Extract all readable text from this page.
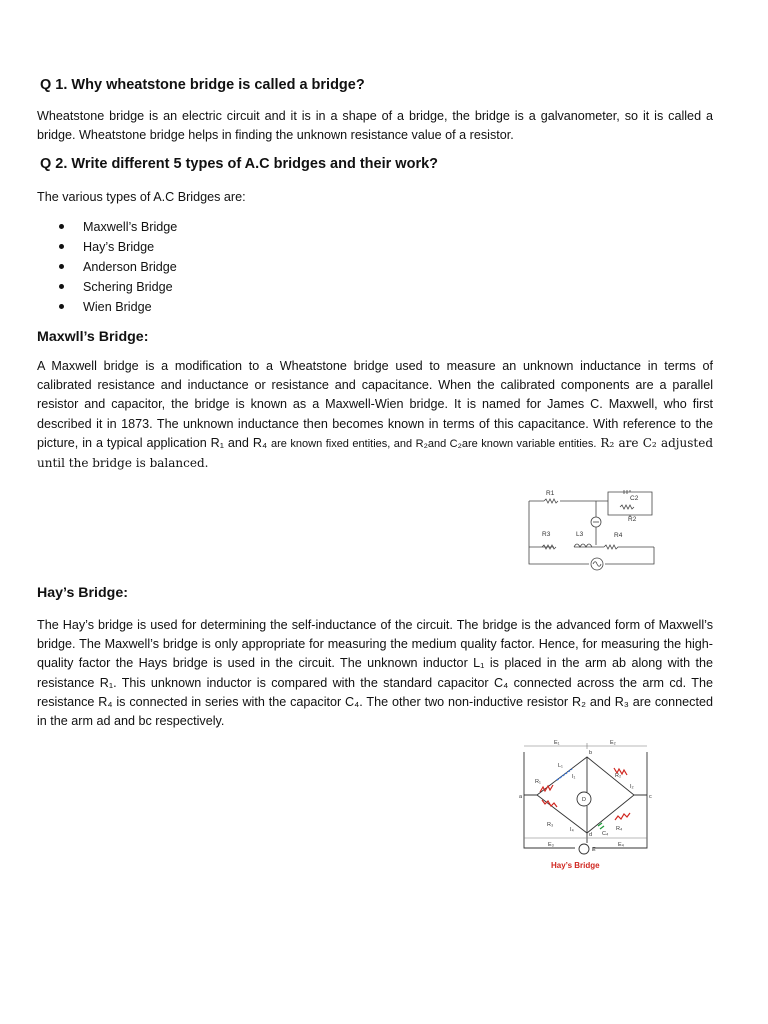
Q 1. Why wheatstone bridge is called a bridge?

Wheatstone bridge is an electric circuit and it is in a shape of a bridge, the bridge is a galvanometer, so it is called a bridge. Wheatstone bridge helps in finding the unknown resistance value of a resistor.

Q 2. Write different 5 types of A.C bridges and their work?

The various types of A.C Bridges are:

Maxwell’s Bridge
Hay’s Bridge
Anderson Bridge
Schering Bridge
Wien Bridge
Maxwll’s Bridge:

A Maxwell bridge is a modification to a Wheatstone bridge used to measure an unknown inductance in terms of calibrated resistance and inductance or resistance and capacitance. When the calibrated components are a parallel resistor and capacitor, the bridge is known as a Maxwell-Wien bridge. It is named for James C. Maxwell, who first described it in 1873. The unknown inductance then becomes known in terms of this capacitance. With reference to the picture, in a typical application R₁ and R₄ are known fixed entities, and R₂and C₂are known variable entities. R₂ are C₂ adjusted until the bridge is balanced.

R1
C2
R2
R3	L3	R4
Hay’s Bridge:

The Hay’s bridge is used for determining the self-inductance of the circuit. The bridge is the advanced form of Maxwell’s bridge. The Maxwell’s bridge is only appropriate for measuring the medium quality factor. Hence, for measuring the high-quality factor the Hays bridge is used in the circuit. The unknown inductor L₁ is placed in the arm ab along with the resistance R₁. This unknown inductor is compared with the standard capacitor C₄ connected across the arm cd. The resistance R₄ is connected in series with the capacitor C₄. The other two non-inductive resistor R₂ and R₃ are connected in the arm ad and bc respectively.

E₁	E₂
b
L₁
R₁
R₂
I₁
a	D	c
R₃
I₂
C₄
R₄
I₄
d
E
E₃	E₄
Hay’s Bridge
